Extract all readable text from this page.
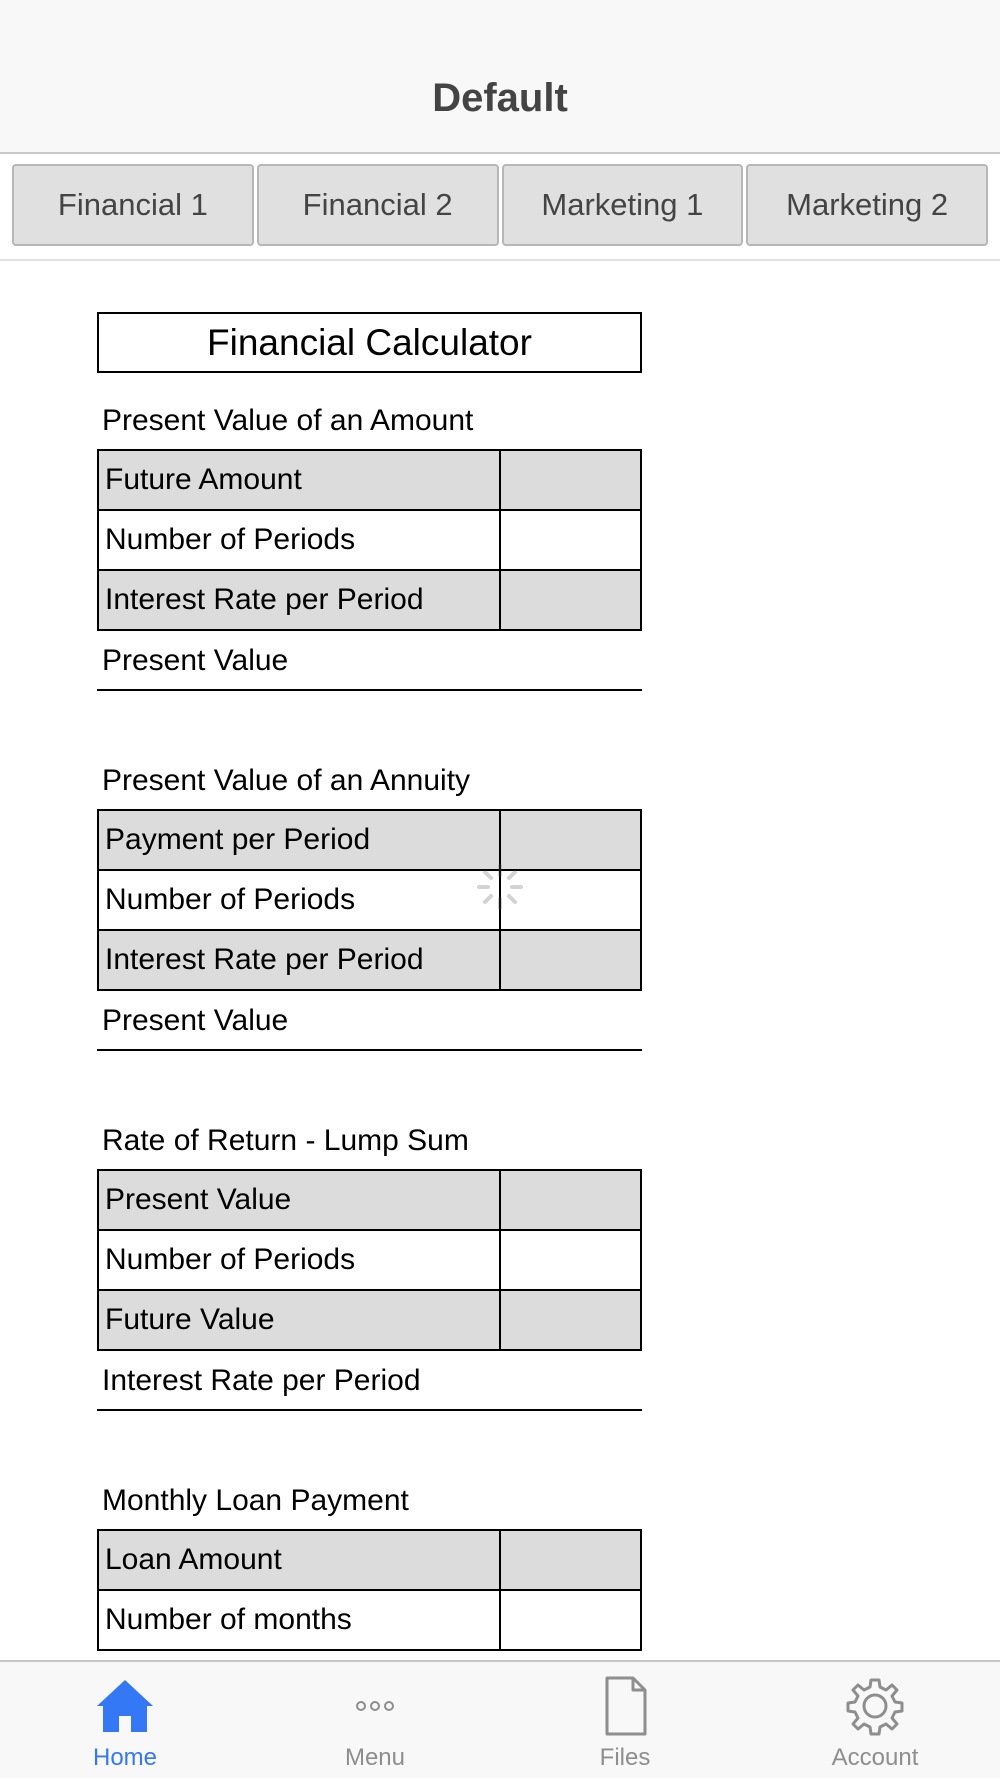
Default
Financial 1	Financial 2	Marketing 1	Marketing 2
Financial Calculator
Present Value of an Amount
Future Amount
Number of Periods
Interest Rate per Period
Present Value
Present Value of an Annuity
Payment per Period
Number of Periods
Interest Rate per Period
Present Value
Rate of Return - Lump Sum
Present Value
Number of Periods
Future Value
Interest Rate per Period
Monthly Loan Payment
Loan Amount
Number of months
Home	Menu	Files	Account
